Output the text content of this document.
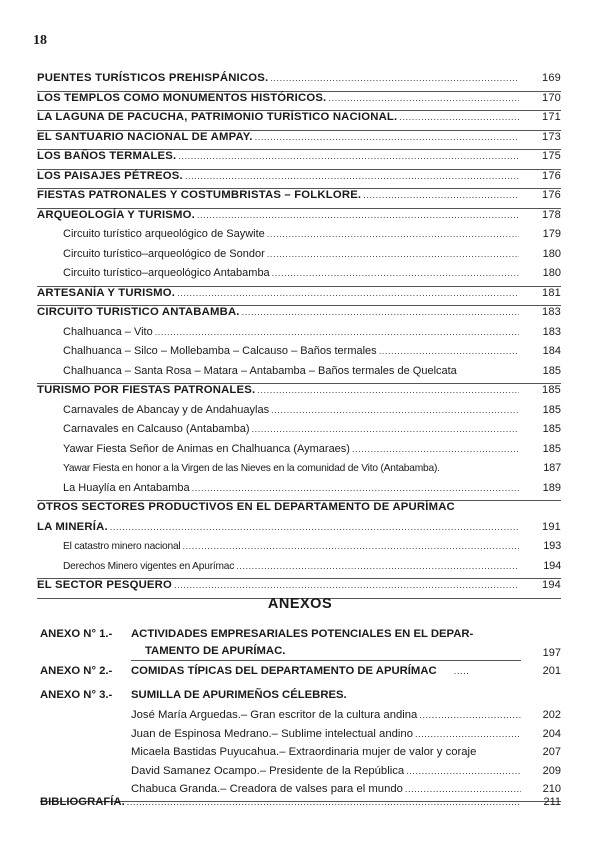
18
PUENTES TURÍSTICOS PREHISPÁNICOS. .....	169
LOS TEMPLOS COMO MONUMENTOS HISTÓRICOS. .....	170
LA LAGUNA DE PACUCHA, PATRIMONIO TURÍSTICO NACIONAL. .....	171
EL SANTUARIO NACIONAL DE AMPAY. .....	173
LOS BAÑOS TERMALES. .....	175
LOS PAISAJES PÉTREOS. .....	176
FIESTAS PATRONALES Y COSTUMBRISTAS – FOLKLORE. .....	176
ARQUEOLOGÍA Y TURISMO. .....	178
Circuito turístico arqueológico de Saywite .....	179
Circuito turístico–arqueológico de Sondor .....	180
Circuito turístico–arqueológico Antabamba .....	180
ARTESANÍA Y TURISMO. .....	181
CIRCUITO TURISTICO ANTABAMBA. .....	183
Chalhuanca – Vito .....	183
Chalhuanca – Silco – Mollebamba – Calcauso – Baños termales .....	184
Chalhuanca – Santa Rosa – Matara – Antabamba – Baños termales de Quelcata	185
TURISMO POR FIESTAS PATRONALES. .....	185
Carnavales de Abancay y de Andahuaylas .....	185
Carnavales en Calcauso (Antabamba) .....	185
Yawar Fiesta Señor de Animas en Chalhuanca (Aymaraes) .....	185
Yawar Fiesta en honor a la Virgen de las Nieves en la comunidad de Vito (Antabamba).	187
La Huaylía en Antabamba .....	189
OTROS SECTORES PRODUCTIVOS EN EL DEPARTAMENTO DE APURÍMAC
LA MINERÍA. .....	191
El catastro minero nacional .....	193
Derechos Minero vigentes en Apurímac .....	194
EL SECTOR PESQUERO .....	194
ANEXOS
ANEXO N° 1.-	ACTIVIDADES EMPRESARIALES POTENCIALES EN EL DEPAR-
TAMENTO DE APURÍMAC.	197
ANEXO N° 2.-	COMIDAS TÍPICAS DEL DEPARTAMENTO DE APURÍMAC .....	201
ANEXO N° 3.-	SUMILLA DE APURIMEÑOS CÉLEBRES.
José María Arguedas.– Gran escritor de la cultura andina .....	202
Juan de Espinosa Medrano.– Sublime intelectual andino .....	204
Micaela Bastidas Puyucahua.– Extraordinaria mujer de valor y coraje	207
David Samanez Ocampo.– Presidente de la República .....	209
Chabuca Granda.– Creadora de valses para el mundo .....	210
BIBLIOGRAFÍA. .....	211
